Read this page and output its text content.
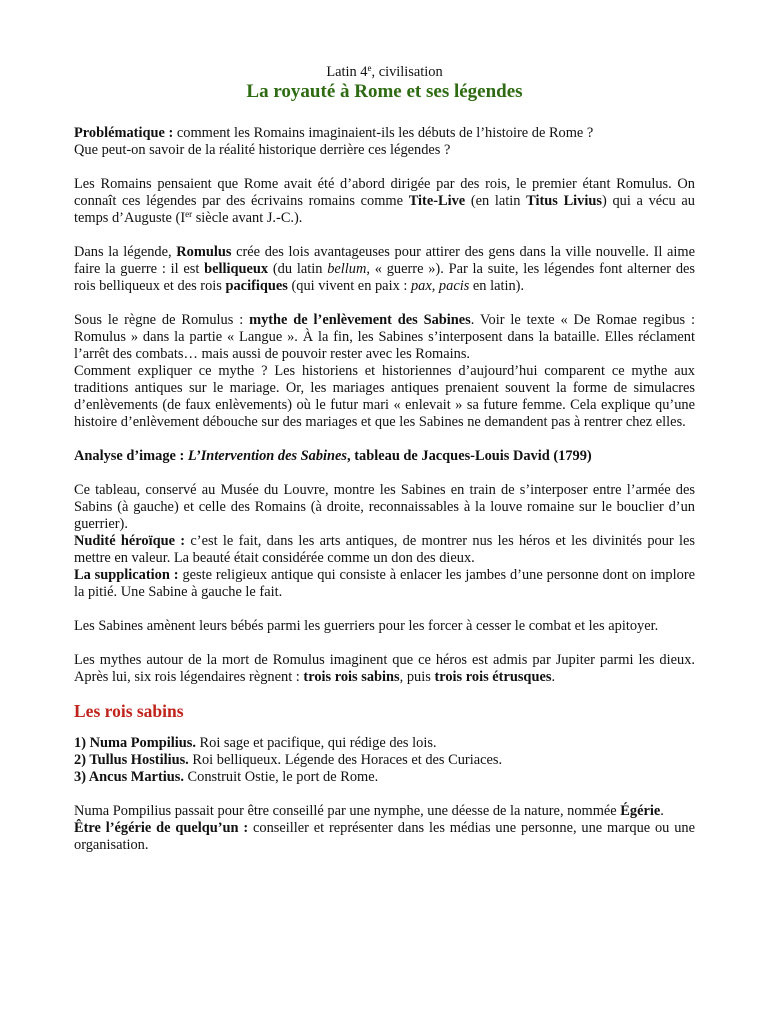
Latin 4e, civilisation

La royauté à Rome et ses légendes

Problématique : comment les Romains imaginaient-ils les débuts de l’histoire de Rome ?
Que peut-on savoir de la réalité historique derrière ces légendes ?

Les Romains pensaient que Rome avait été d’abord dirigée par des rois, le premier étant Romulus. On connaît ces légendes par des écrivains romains comme Tite-Live (en latin Titus Livius) qui a vécu au temps d’Auguste (Ier siècle avant J.-C.).

Dans la légende, Romulus crée des lois avantageuses pour attirer des gens dans la ville nouvelle. Il aime faire la guerre : il est belliqueux (du latin bellum, « guerre »). Par la suite, les légendes font alterner des rois belliqueux et des rois pacifiques (qui vivent en paix : pax, pacis en latin).

Sous le règne de Romulus : mythe de l’enlèvement des Sabines. Voir le texte « De Romae regibus : Romulus » dans la partie « Langue ». À la fin, les Sabines s’interposent dans la bataille. Elles réclament l’arrêt des combats… mais aussi de pouvoir rester avec les Romains.

Comment expliquer ce mythe ? Les historiens et historiennes d’aujourd’hui comparent ce mythe aux traditions antiques sur le mariage. Or, les mariages antiques prenaient souvent la forme de simulacres d’enlèvements (de faux enlèvements) où le futur mari « enlevait » sa future femme. Cela explique qu’une histoire d’enlèvement débouche sur des mariages et que les Sabines ne demandent pas à rentrer chez elles.

Analyse d’image : L’Intervention des Sabines, tableau de Jacques-Louis David (1799)

Ce tableau, conservé au Musée du Louvre, montre les Sabines en train de s’interposer entre l’armée des Sabins (à gauche) et celle des Romains (à droite, reconnaissables à la louve romaine sur le bouclier d’un guerrier).

Nudité héroïque : c’est le fait, dans les arts antiques, de montrer nus les héros et les divinités pour les mettre en valeur. La beauté était considérée comme un don des dieux.

La supplication : geste religieux antique qui consiste à enlacer les jambes d’une personne dont on implore la pitié. Une Sabine à gauche le fait.

Les Sabines amènent leurs bébés parmi les guerriers pour les forcer à cesser le combat et les apitoyer.

Les mythes autour de la mort de Romulus imaginent que ce héros est admis par Jupiter parmi les dieux. Après lui, six rois légendaires règnent : trois rois sabins, puis trois rois étrusques.

Les rois sabins

1) Numa Pompilius. Roi sage et pacifique, qui rédige des lois.

2) Tullus Hostilius. Roi belliqueux. Légende des Horaces et des Curiaces.

3) Ancus Martius. Construit Ostie, le port de Rome.

Numa Pompilius passait pour être conseillé par une nymphe, une déesse de la nature, nommée Égérie.

Être l’égérie de quelqu’un : conseiller et représenter dans les médias une personne, une marque ou une organisation.
